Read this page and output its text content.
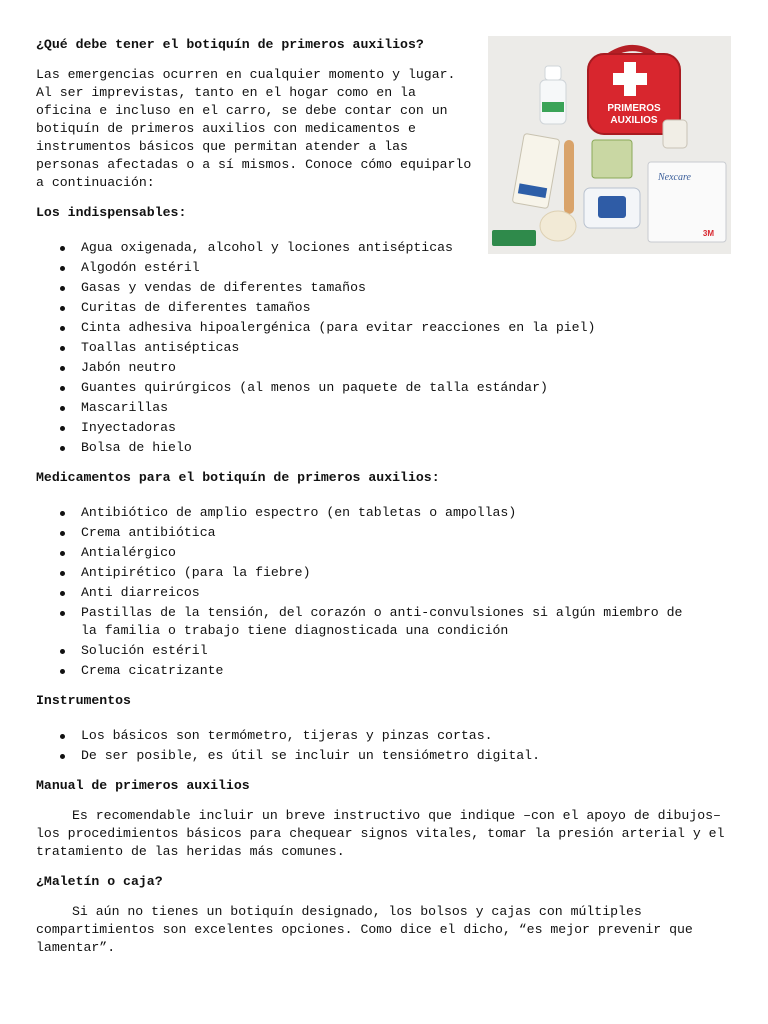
PRIMEROS
AUXILIOS
Nexcare
3M
¿Qué debe tener el botiquín de primeros auxilios?

Las emergencias ocurren en cualquier momento y lugar. Al ser imprevistas, tanto en el hogar como en la oficina e incluso en el carro, se debe contar con un botiquín de primeros auxilios con medicamentos e instrumentos básicos que permitan atender a las personas afectadas o a sí mismos. Conoce cómo equiparlo a continuación:

Los indispensables:
Agua oxigenada, alcohol y lociones antisépticas
Algodón estéril
Gasas y vendas de diferentes tamaños
Curitas de diferentes tamaños
Cinta adhesiva hipoalergénica (para evitar reacciones en la piel)
Toallas antisépticas
Jabón neutro
Guantes quirúrgicos (al menos un paquete de talla estándar)
Mascarillas
Inyectadoras
Bolsa de hielo
Medicamentos para el botiquín de primeros auxilios:
Antibiótico de amplio espectro (en tabletas o ampollas)
Crema antibiótica
Antialérgico
Antipirético (para la fiebre)
Anti diarreicos
Pastillas de la tensión, del corazón o anti-convulsiones si algún miembro de la familia o trabajo tiene diagnosticada una condición
Solución estéril
Crema cicatrizante
Instrumentos
Los básicos son termómetro, tijeras y pinzas cortas.
De ser posible, es útil se incluir un tensiómetro digital.
Manual de primeros auxilios

Es recomendable incluir un breve instructivo que indique –con el apoyo de dibujos– los procedimientos básicos para chequear signos vitales, tomar la presión arterial y el tratamiento de las heridas más comunes.

¿Maletín o caja?

Si aún no tienes un botiquín designado, los bolsos y cajas con múltiples compartimientos son excelentes opciones. Como dice el dicho, “es mejor prevenir que lamentar”.
